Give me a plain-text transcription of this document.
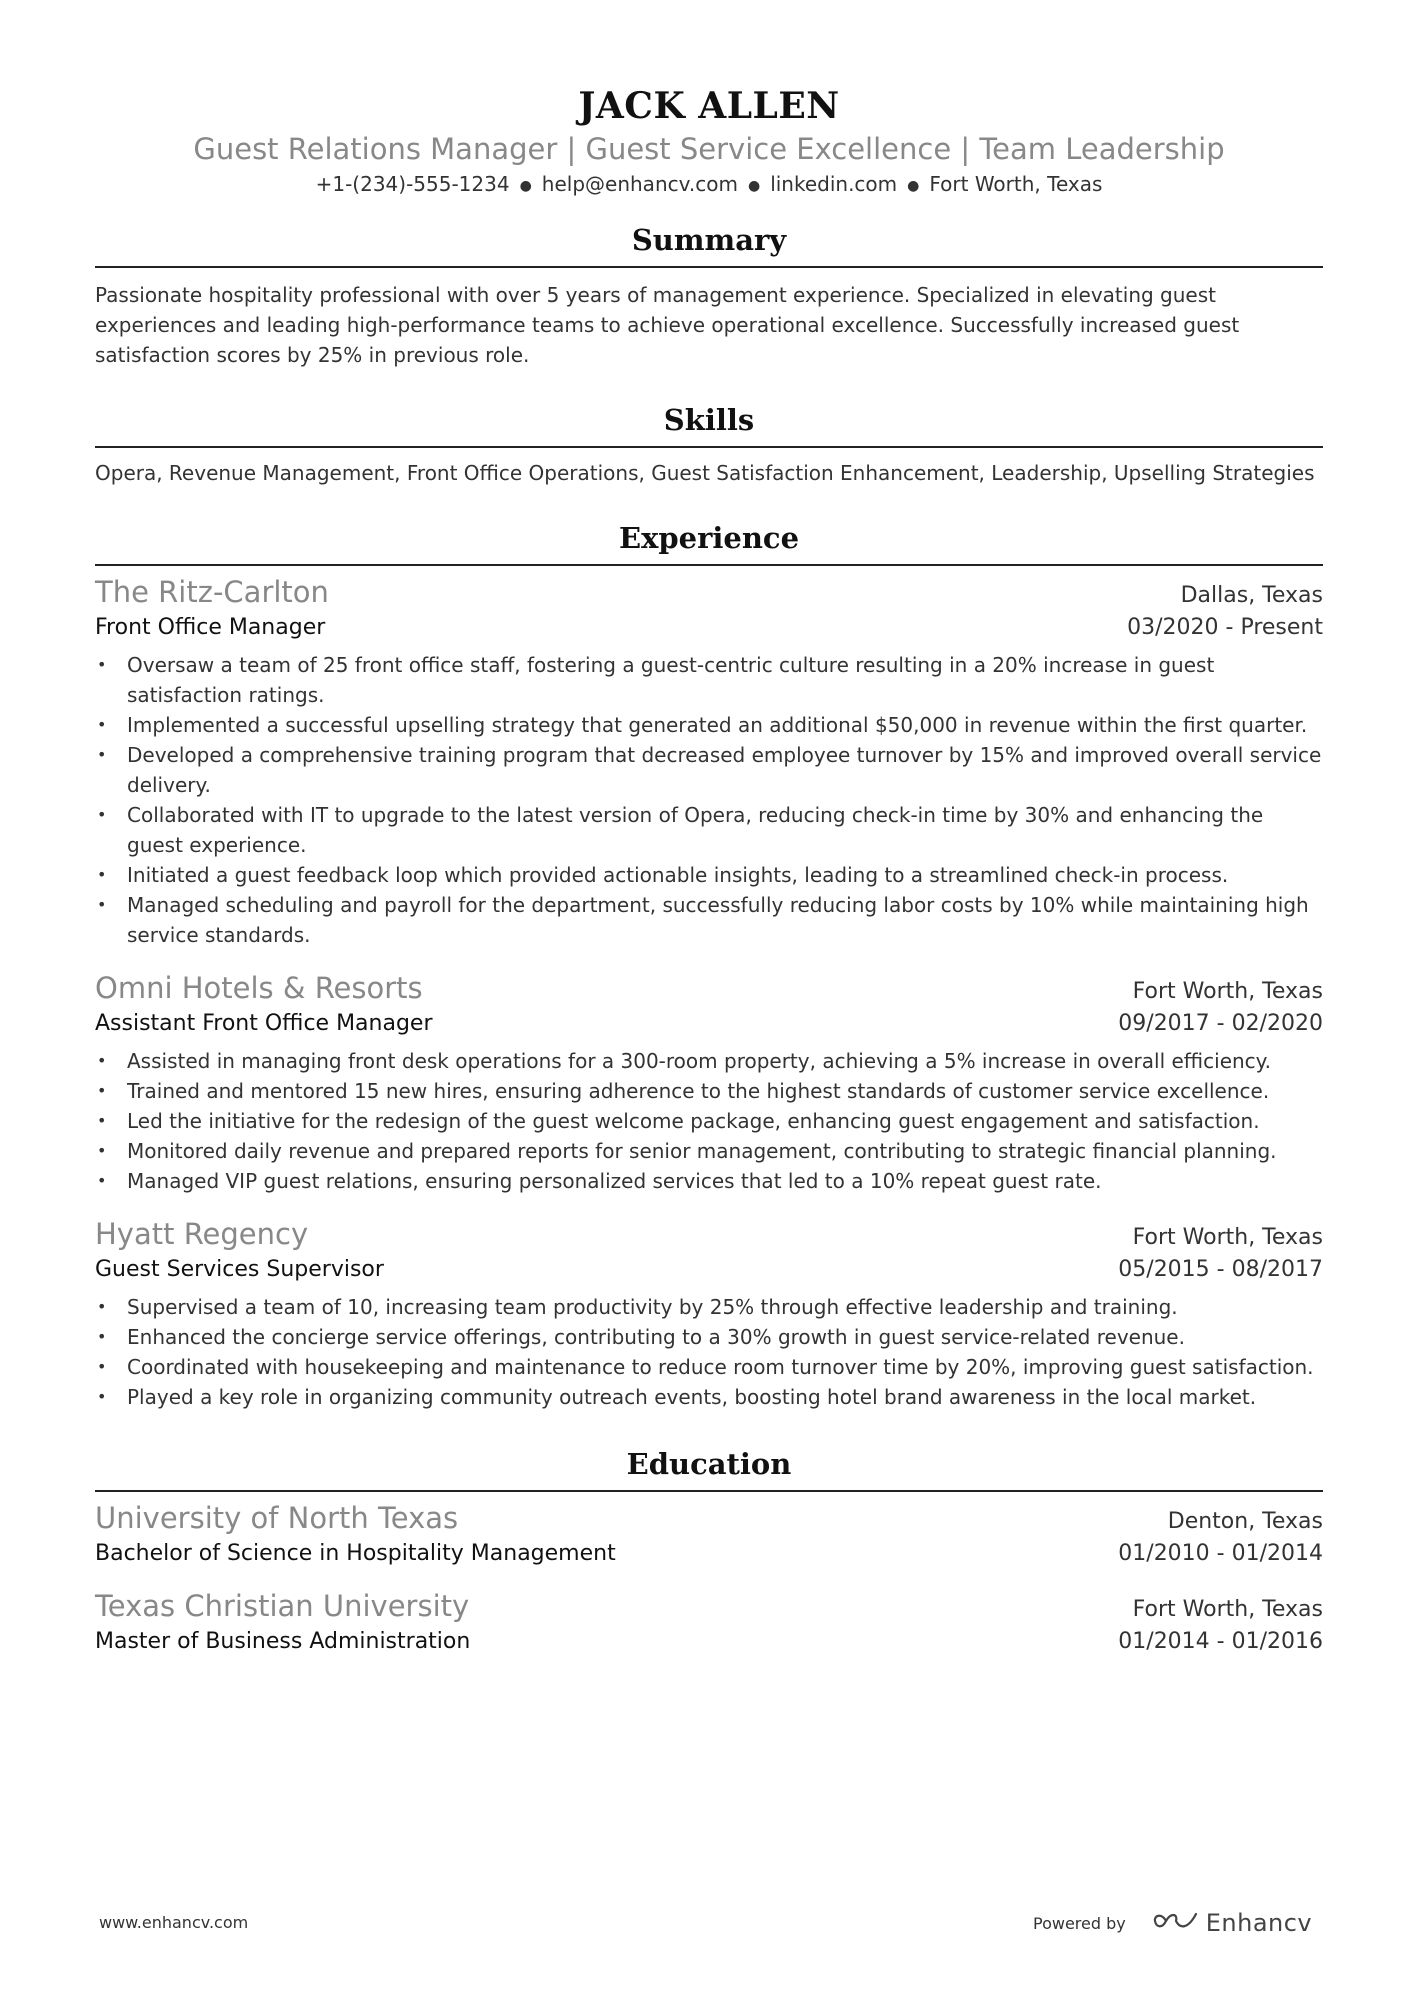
JACK ALLEN
Guest Relations Manager | Guest Service Excellence | Team Leadership
+1-(234)-555-1234 ● help@enhancv.com ● linkedin.com ● Fort Worth, Texas
Summary
Passionate hospitality professional with over 5 years of management experience. Specialized in elevating guest experiences and leading high-performance teams to achieve operational excellence. Successfully increased guest satisfaction scores by 25% in previous role.
Skills
Opera, Revenue Management, Front Office Operations, Guest Satisfaction Enhancement, Leadership, Upselling Strategies
Experience
The Ritz-Carlton	Dallas, Texas
Front Office Manager	03/2020 - Present
• Oversaw a team of 25 front office staff, fostering a guest-centric culture resulting in a 20% increase in guest satisfaction ratings.
• Implemented a successful upselling strategy that generated an additional $50,000 in revenue within the first quarter.
• Developed a comprehensive training program that decreased employee turnover by 15% and improved overall service delivery.
• Collaborated with IT to upgrade to the latest version of Opera, reducing check-in time by 30% and enhancing the guest experience.
• Initiated a guest feedback loop which provided actionable insights, leading to a streamlined check-in process.
• Managed scheduling and payroll for the department, successfully reducing labor costs by 10% while maintaining high service standards.
Omni Hotels & Resorts	Fort Worth, Texas
Assistant Front Office Manager	09/2017 - 02/2020
• Assisted in managing front desk operations for a 300-room property, achieving a 5% increase in overall efficiency.
• Trained and mentored 15 new hires, ensuring adherence to the highest standards of customer service excellence.
• Led the initiative for the redesign of the guest welcome package, enhancing guest engagement and satisfaction.
• Monitored daily revenue and prepared reports for senior management, contributing to strategic financial planning.
• Managed VIP guest relations, ensuring personalized services that led to a 10% repeat guest rate.
Hyatt Regency	Fort Worth, Texas
Guest Services Supervisor	05/2015 - 08/2017
• Supervised a team of 10, increasing team productivity by 25% through effective leadership and training.
• Enhanced the concierge service offerings, contributing to a 30% growth in guest service-related revenue.
• Coordinated with housekeeping and maintenance to reduce room turnover time by 20%, improving guest satisfaction.
• Played a key role in organizing community outreach events, boosting hotel brand awareness in the local market.
Education
University of North Texas	Denton, Texas
Bachelor of Science in Hospitality Management	01/2010 - 01/2014
Texas Christian University	Fort Worth, Texas
Master of Business Administration	01/2014 - 01/2016
www.enhancv.com	Powered by	Enhancv
